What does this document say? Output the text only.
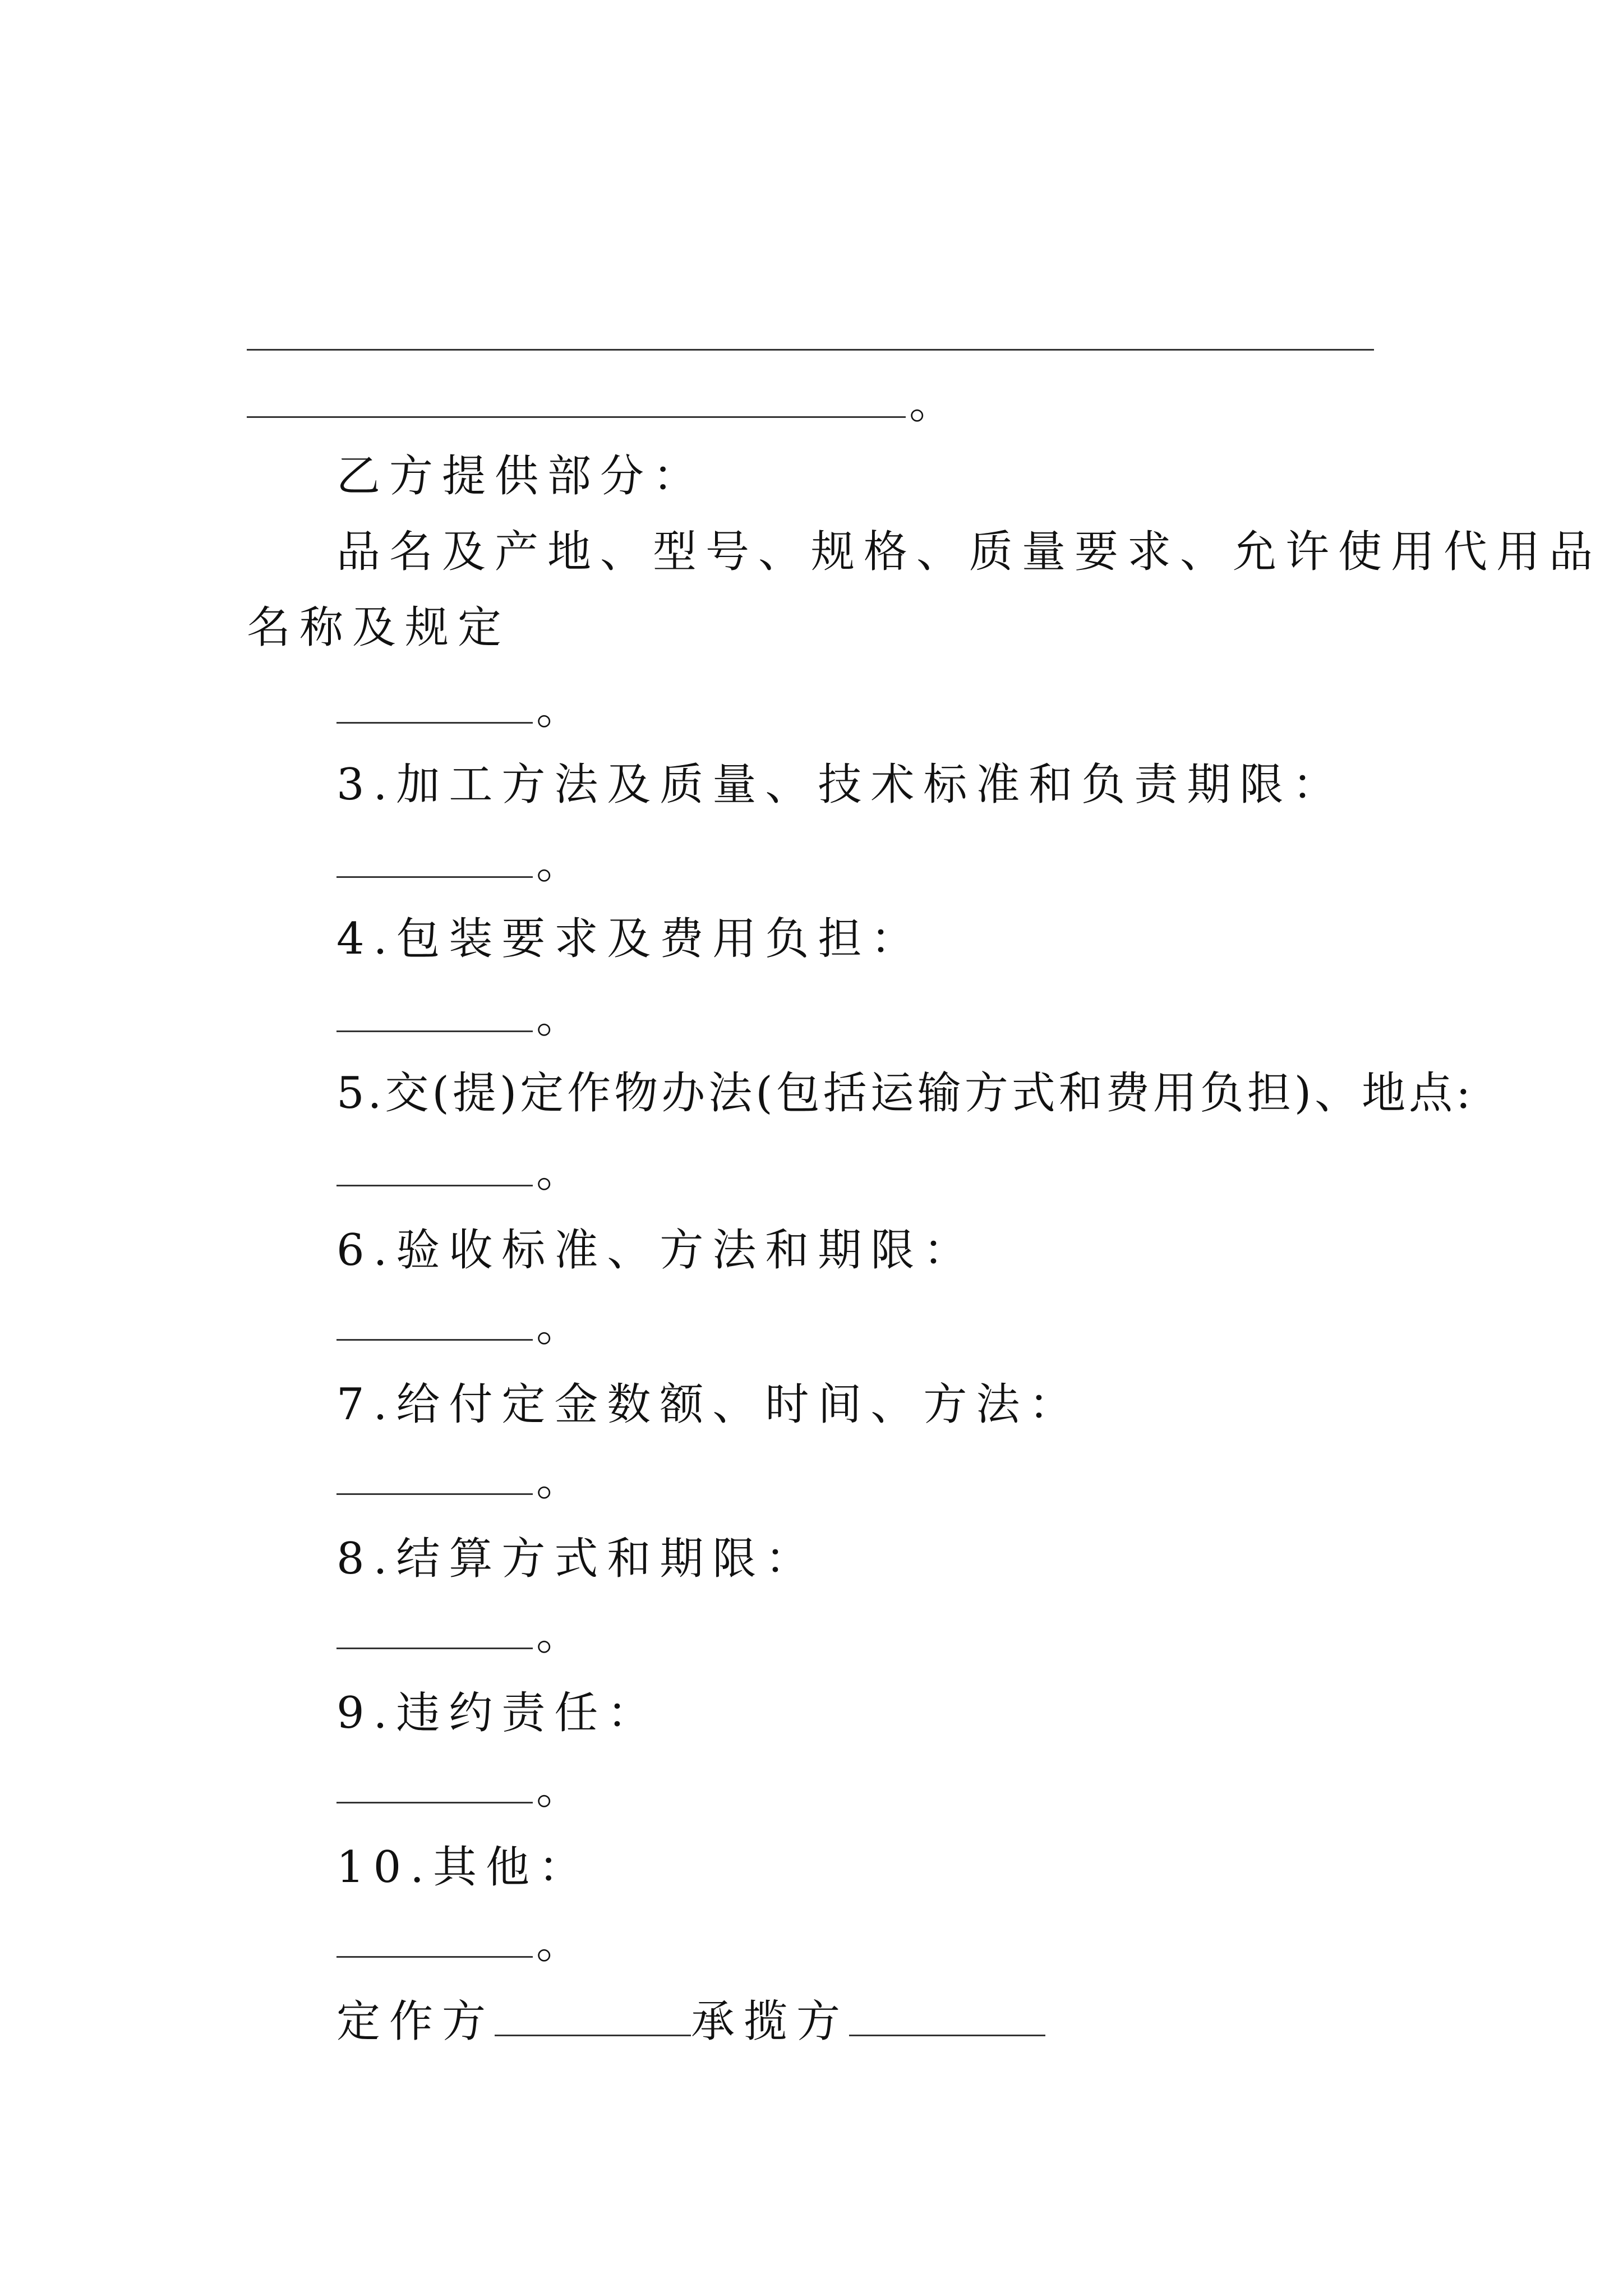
。
乙方提供部分：
品名及产地、型号、规格、质量要求、允许使用代用品
名称及规定
。
3.加工方法及质量、技术标准和负责期限：
。
4.包装要求及费用负担：
。
5.交(提)定作物办法(包括运输方式和费用负担)、地点:
。
6.验收标准、方法和期限：
。
7.给付定金数额、时间、方法：
。
8.结算方式和期限：
。
9.违约责任：
。
10.其他：
。
定作方	承揽方
